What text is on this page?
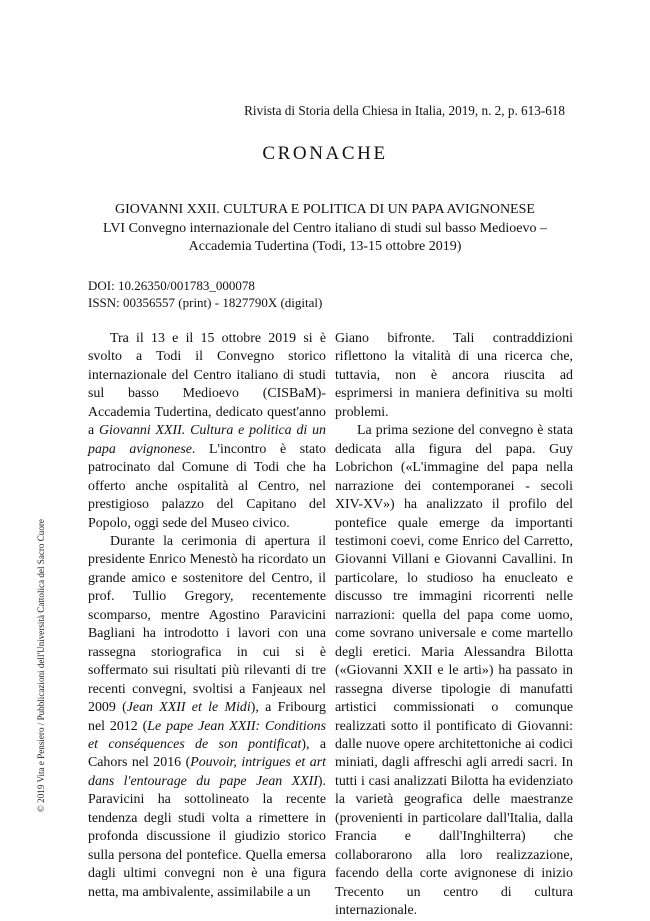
Rivista di Storia della Chiesa in Italia, 2019, n. 2, p. 613-618
CRONACHE
GIOVANNI XXII. CULTURA E POLITICA DI UN PAPA AVIGNONESE
LVI Convegno internazionale del Centro italiano di studi sul basso Medioevo –
Accademia Tudertina (Todi, 13-15 ottobre 2019)
DOI: 10.26350/001783_000078
ISSN: 00356557 (print) - 1827790X (digital)

Tra il 13 e il 15 ottobre 2019 si è svolto a Todi il Convegno storico internazionale del Centro italiano di studi sul basso Medioevo (CISBaM)-Accademia Tudertina, dedicato quest'anno a Giovanni XXII. Cultura e politica di un papa avignonese. L'incontro è stato patrocinato dal Comune di Todi che ha offerto anche ospitalità al Centro, nel prestigioso palazzo del Capitano del Popolo, oggi sede del Museo civico.

Durante la cerimonia di apertura il presidente Enrico Menestò ha ricordato un grande amico e sostenitore del Centro, il prof. Tullio Gregory, recentemente scomparso, mentre Agostino Paravicini Bagliani ha introdotto i lavori con una rassegna storiografica in cui si è soffermato sui risultati più rilevanti di tre recenti convegni, svoltisi a Fanjeaux nel 2009 (Jean XXII et le Midi), a Fribourg nel 2012 (Le pape Jean XXII: Conditions et conséquences de son pontificat), a Cahors nel 2016 (Pouvoir, intrigues et art dans l'entourage du pape Jean XXII). Paravicini ha sottolineato la recente tendenza degli studi volta a rimettere in profonda discussione il giudizio storico sulla persona del pontefice. Quella emersa dagli ultimi convegni non è una figura netta, ma ambivalente, assimilabile a un

Giano bifronte. Tali contraddizioni riflettono la vitalità di una ricerca che, tuttavia, non è ancora riuscita ad esprimersi in maniera definitiva su molti problemi.

La prima sezione del convegno è stata dedicata alla figura del papa. Guy Lobrichon («L'immagine del papa nella narrazione dei contemporanei - secoli XIV-XV») ha analizzato il profilo del pontefice quale emerge da importanti testimoni coevi, come Enrico del Carretto, Giovanni Villani e Giovanni Cavallini. In particolare, lo studioso ha enucleato e discusso tre immagini ricorrenti nelle narrazioni: quella del papa come uomo, come sovrano universale e come martello degli eretici. Maria Alessandra Bilotta («Giovanni XXII e le arti») ha passato in rassegna diverse tipologie di manufatti artistici commissionati o comunque realizzati sotto il pontificato di Giovanni: dalle nuove opere architettoniche ai codici miniati, dagli affreschi agli arredi sacri. In tutti i casi analizzati Bilotta ha evidenziato la varietà geografica delle maestranze (provenienti in particolare dall'Italia, dalla Francia e dall'Inghilterra) che collaborarono alla loro realizzazione, facendo della corte avignonese di inizio Trecento un centro di cultura internazionale.

© 2019 Vita e Pensiero / Pubblicazioni dell'Università Cattolica del Sacro Cuore
